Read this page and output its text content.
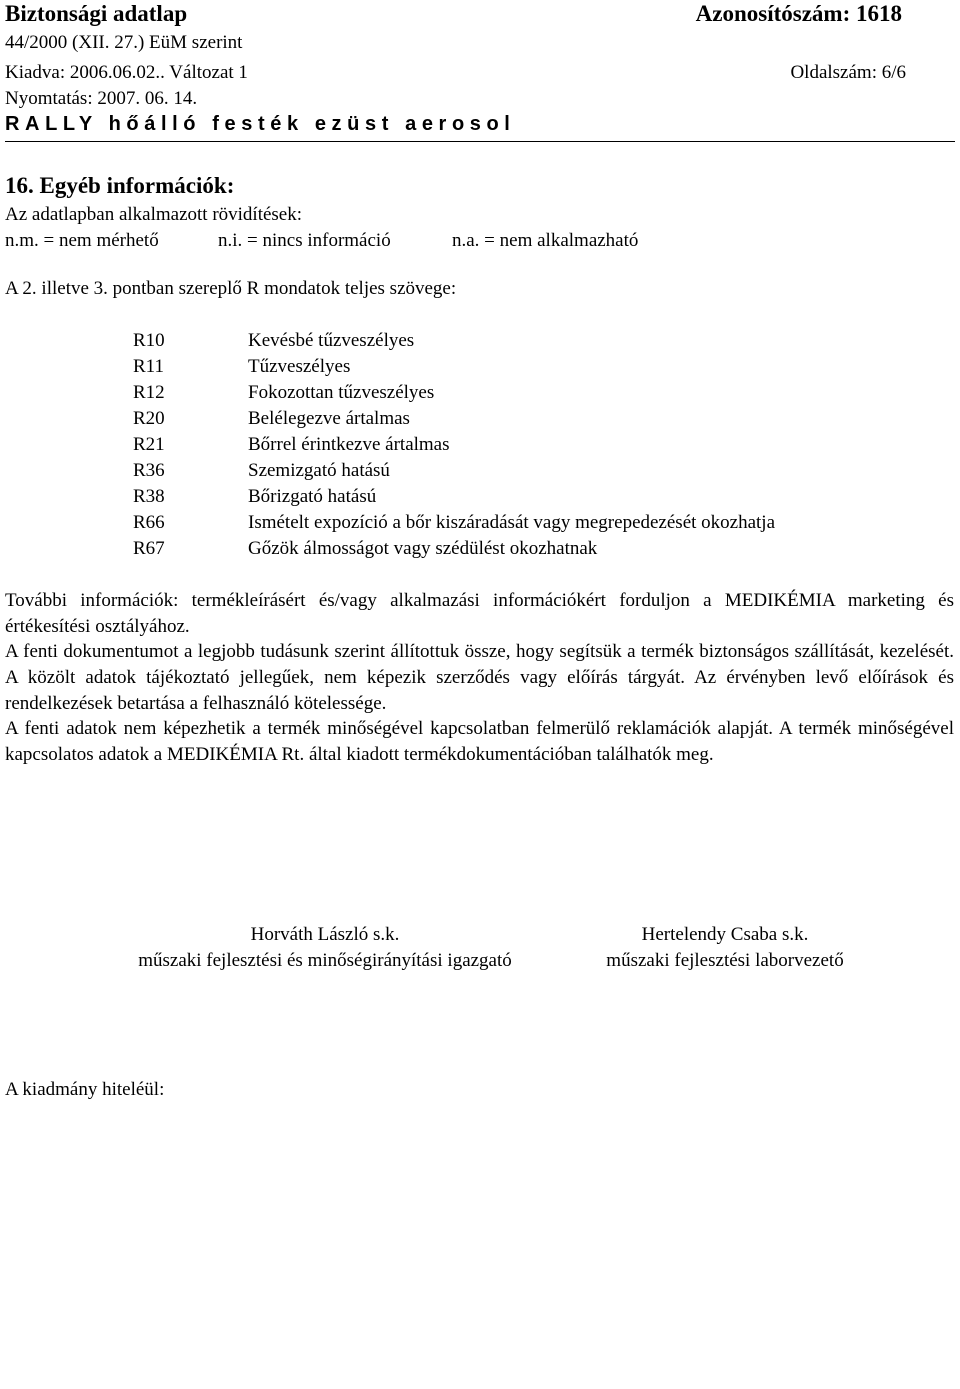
Biztonsági adatlap	Azonosítószám: 1618
44/2000 (XII. 27.) EüM szerint
Kiadva: 2006.06.02.. Változat 1	Oldalszám: 6/6
Nyomtatás: 2007. 06. 14.
RALLY hőálló festék ezüst aerosol
16. Egyéb információk:
Az adatlapban alkalmazott rövidítések:
n.m. = nem mérhető	n.i. = nincs információ	n.a. = nem alkalmazható
A 2. illetve 3. pontban szereplő R mondatok teljes szövege:
R10	Kevésbé tűzveszélyes
R11	Tűzveszélyes
R12	Fokozottan tűzveszélyes
R20	Belélegezve ártalmas
R21	Bőrrel érintkezve ártalmas
R36	Szemizgató hatású
R38	Bőrizgató hatású
R66	Ismételt expozíció a bőr kiszáradását vagy megrepedezését okozhatja
R67	Gőzök álmosságot vagy szédülést okozhatnak
További információk: termékleírásért és/vagy alkalmazási információkért forduljon a MEDIKÉMIA marketing és értékesítési osztályához.
A fenti dokumentumot a legjobb tudásunk szerint állítottuk össze, hogy segítsük a termék biztonságos szállítását, kezelését. A közölt adatok tájékoztató jellegűek, nem képezik szerződés vagy előírás tárgyát. Az érvényben levő előírások és rendelkezések betartása a felhasználó kötelessége.
A fenti adatok nem képezhetik a termék minőségével kapcsolatban felmerülő reklamációk alapját. A termék minőségével kapcsolatos adatok a MEDIKÉMIA Rt. által kiadott termékdokumentációban találhatók meg.
Horváth László s.k.
műszaki fejlesztési és minőségirányítási igazgató
Hertelendy Csaba s.k.
műszaki fejlesztési laborvezető
A kiadmány hiteléül:
